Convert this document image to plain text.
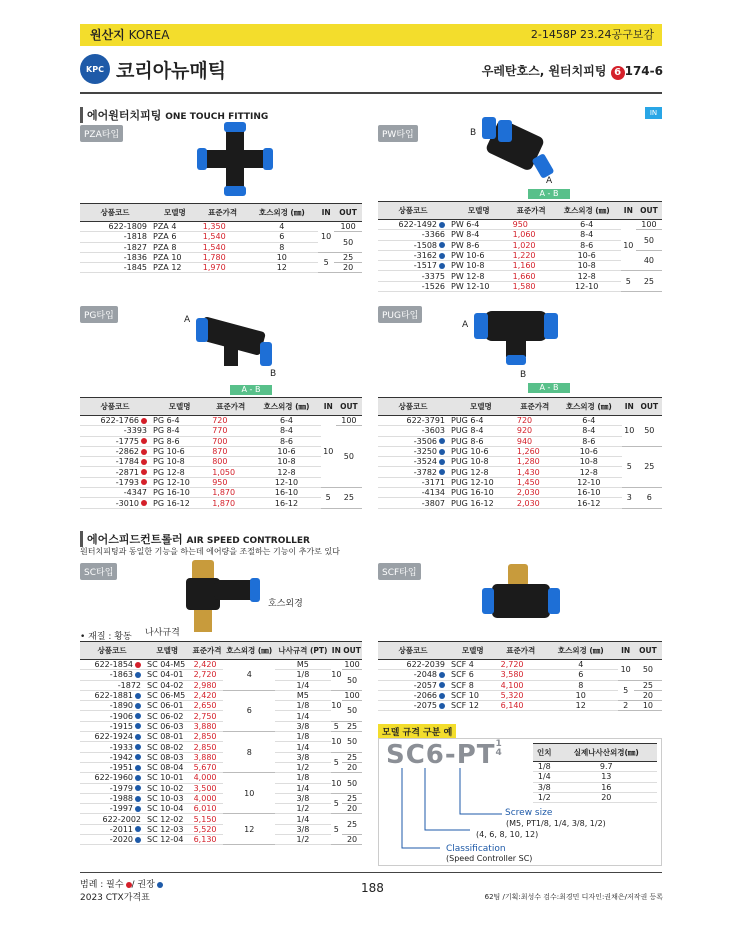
원산지 KOREA	2-1458P 23.24공구보감
KPC 코리아뉴매틱	우레탄호스, 원터치피팅 6 174-6
에어원터치피팅 ONE TOUCH FITTING	IN
PZA타입	PW타입	B
A
상품코드	모델명	표준가격	호스외경 (㎜)	IN	OUT
622-1809	PZA 4	1,350	4	10	100
-1818	PZA 6	1,540	6		50
-1827	PZA 8	1,540	8		
-1836	PZA 10	1,780	10	5	25
-1845	PZA 12	1,970	12		20
A - B
상품코드	모델명	표준가격	호스외경 (㎜)	IN	OUT
622-1492	PW 6-4	950	6-4	10	100
-3366	PW 8-4	1,060	8-4		50
-1508	PW 8-6	1,020	8-6		
-3162	PW 10-6	1,220	10-6		40
-1517	PW 10-8	1,160	10-8		
-3375	PW 12-8	1,660	12-8	5	25
-1526	PW 12-10	1,580	12-10		
PG타입	PUG타입
A
B
A
B
A - B	A - B
상품코드	모델명	표준가격	호스외경 (㎜)	IN	OUT
622-1766	PG 6-4	720	6-4	10	100
-3393	PG 8-4	770	8-4		50
-1775	PG 8-6	700	8-6		
-2862	PG 10-6	870	10-6		
-1784	PG 10-8	800	10-8		
-2871	PG 12-8	1,050	12-8		
-1793	PG 12-10	950	12-10		
-4347	PG 16-10	1,870	16-10	5	25
-3010	PG 16-12	1,870	16-12		
상품코드	모델명	표준가격	호스외경 (㎜)	IN	OUT
622-3791	PUG 6-4	720	6-4	10	50
-3603	PUG 8-4	920	8-4		
-3506	PUG 8-6	940	8-6		
-3250	PUG 10-6	1,260	10-6	5	25
-3524	PUG 10-8	1,280	10-8		
-3782	PUG 12-8	1,430	12-8		
-3171	PUG 12-10	1,450	12-10		
-4134	PUG 16-10	2,030	16-10	3	6
-3807	PUG 16-12	2,030	16-12		
에어스피드컨트롤러 AIR SPEED CONTROLLER
원터치피팅과 동일한 기능을 하는데 에어량을 조절하는 기능이 추가로 있다
SC타입	SCF타입
호스외경
나사규격
• 재질 : 황동
상품코드	모델명	표준가격	호스외경 (㎜)	나사규격 (PT)	IN	OUT
622-1854	SC 04-M5	2,420	4	M5	10	100
-1863	SC 04-01	2,720		1/8		50
-1872	SC 04-02	2,980		1/4		
622-1881	SC 06-M5	2,420	6	M5	10	100
-1890	SC 06-01	2,650		1/8		50
-1906	SC 06-02	2,750		1/4		
-1915	SC 06-03	3,880		3/8	5	25
622-1924	SC 08-01	2,850	8	1/8	10	50
-1933	SC 08-02	2,850		1/4		
-1942	SC 08-03	3,880		3/8	5	25
-1951	SC 08-04	5,670		1/2		20
622-1960	SC 10-01	4,000	10	1/8	10	50
-1979	SC 10-02	3,500		1/4		
-1988	SC 10-03	4,000		3/8	5	25
-1997	SC 10-04	6,010		1/2		20
622-2002	SC 12-02	5,150	12	1/4	5	25
-2011	SC 12-03	5,520		3/8		
-2020	SC 12-04	6,130		1/2		20
상품코드	모델명	표준가격	호스외경 (㎜)	IN	OUT
622-2039	SCF 4	2,720	4	10	50
-2048	SCF 6	3,580	6		
-2057	SCF 8	4,100	8	5	25
-2066	SCF 10	5,320	10		20
-2075	SCF 12	6,140	12	2	10
모델 규격 구분 예
SC6-PT1
4
Screw size
(M5, PT1/8, 1/4, 3/8, 1/2)
(4, 6, 8, 10, 12)
Classification
(Speed Controller SC)
인치	실제나사산외경(㎜)
1/8	9.7
1/4	13
3/8	16
1/2	20
범례 : 필수 / 권장
2023 CTX가격표
188
62팀 /기획:최성수 검수:최경민 디자인:권채은/저작권 등록
